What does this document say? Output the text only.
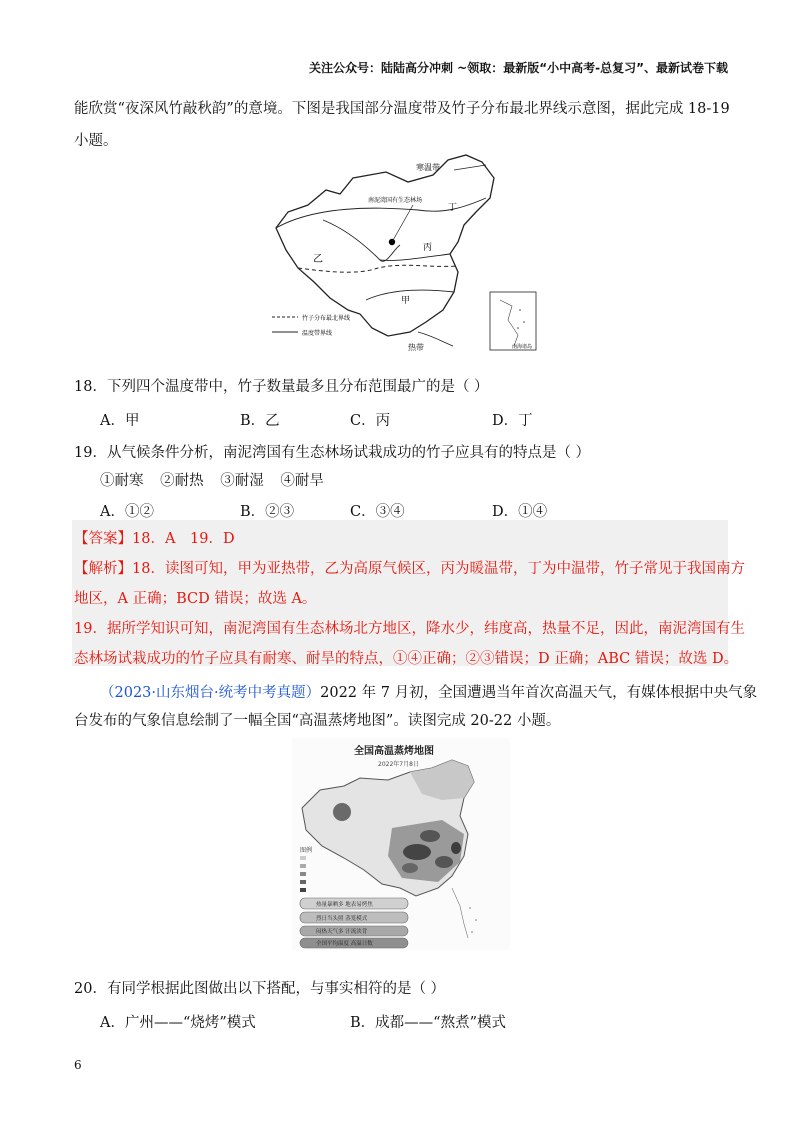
关注公众号：陆陆高分冲刺 ~领取：最新版“小中高考-总复习”、最新试卷下载
能欣赏“夜深风竹敲秋韵”的意境。下图是我国部分温度带及竹子分布最北界线示意图，据此完成 18-19
小题。
寒温带
南泥湾国有生态林场
丁
丙
乙
甲
热带
竹子分布最北界线
温度带界线
南海诸岛
18．下列四个温度带中，竹子数量最多且分布范围最广的是（ ）
A．甲	B．乙	C．丙	D．丁
19．从气候条件分析，南泥湾国有生态林场试栽成功的竹子应具有的特点是（ ）
①耐寒 ②耐热 ③耐湿 ④耐旱
A．①②	B．②③	C．③④	D．①④
【答案】18．A 19．D
【解析】18．读图可知，甲为亚热带，乙为高原气候区，丙为暖温带，丁为中温带，竹子常见于我国南方
地区，A 正确；BCD 错误；故选 A。
19．据所学知识可知，南泥湾国有生态林场北方地区，降水少，纬度高，热量不足，因此，南泥湾国有生
态林场试栽成功的竹子应具有耐寒、耐旱的特点，①④正确；②③错误；D 正确；ABC 错误；故选 D。
（2023·山东烟台·统考中考真题）2022 年 7 月初，全国遭遇当年首次高温天气，有媒体根据中央气象
台发布的气象信息绘制了一幅全国“高温蒸烤地图”。读图完成 20-22 小题。
全国高温蒸烤地图
2022年7月8日
图例
热量暴晒多 地表易烤焦
烈日当头照 蒸笼模式
闷热天气多 汗流浃背
全国平均温度 高温日数
20．有同学根据此图做出以下搭配，与事实相符的是（ ）
A．广州——“烧烤”模式	B．成都——“熬煮”模式
6
